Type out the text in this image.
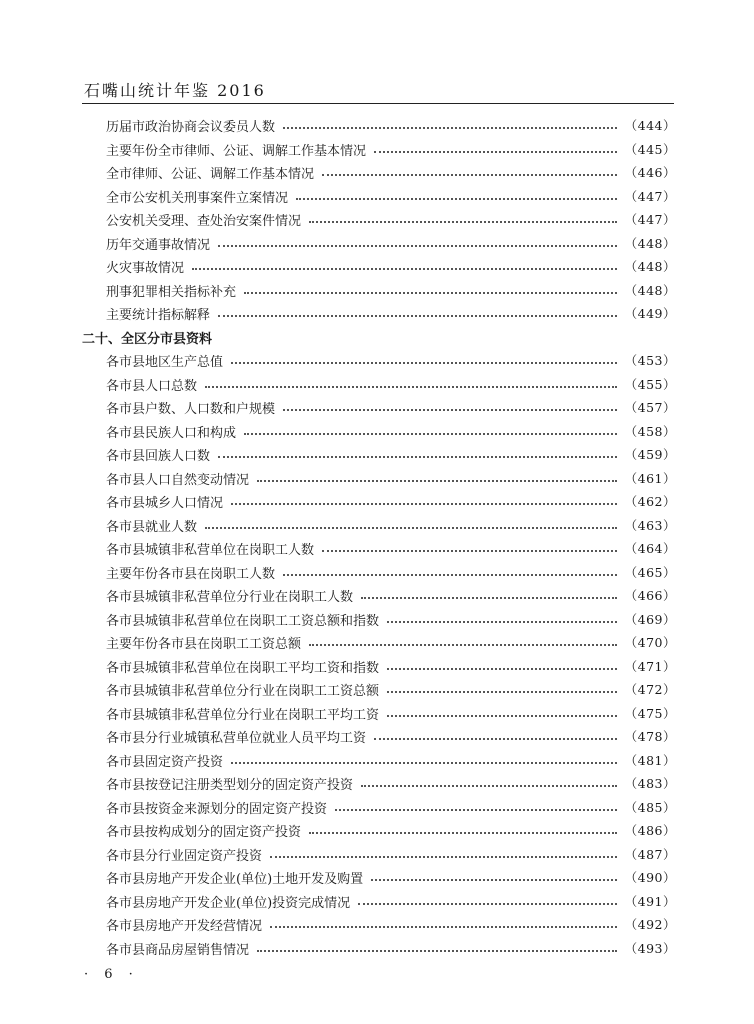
石嘴山统计年鉴 2016
历届市政治协商会议委员人数	（444）
主要年份全市律师、公证、调解工作基本情况	（445）
全市律师、公证、调解工作基本情况	（446）
全市公安机关刑事案件立案情况	（447）
公安机关受理、查处治安案件情况	（447）
历年交通事故情况	（448）
火灾事故情况	（448）
刑事犯罪相关指标补充	（448）
主要统计指标解释	（449）
二十、全区分市县资料
各市县地区生产总值	（453）
各市县人口总数	（455）
各市县户数、人口数和户规模	（457）
各市县民族人口和构成	（458）
各市县回族人口数	（459）
各市县人口自然变动情况	（461）
各市县城乡人口情况	（462）
各市县就业人数	（463）
各市县城镇非私营单位在岗职工人数	（464）
主要年份各市县在岗职工人数	（465）
各市县城镇非私营单位分行业在岗职工人数	（466）
各市县城镇非私营单位在岗职工工资总额和指数	（469）
主要年份各市县在岗职工工资总额	（470）
各市县城镇非私营单位在岗职工平均工资和指数	（471）
各市县城镇非私营单位分行业在岗职工工资总额	（472）
各市县城镇非私营单位分行业在岗职工平均工资	（475）
各市县分行业城镇私营单位就业人员平均工资	（478）
各市县固定资产投资	（481）
各市县按登记注册类型划分的固定资产投资	（483）
各市县按资金来源划分的固定资产投资	（485）
各市县按构成划分的固定资产投资	（486）
各市县分行业固定资产投资	（487）
各市县房地产开发企业(单位)土地开发及购置	（490）
各市县房地产开发企业(单位)投资完成情况	（491）
各市县房地产开发经营情况	（492）
各市县商品房屋销售情况	（493）
· 6 ·
